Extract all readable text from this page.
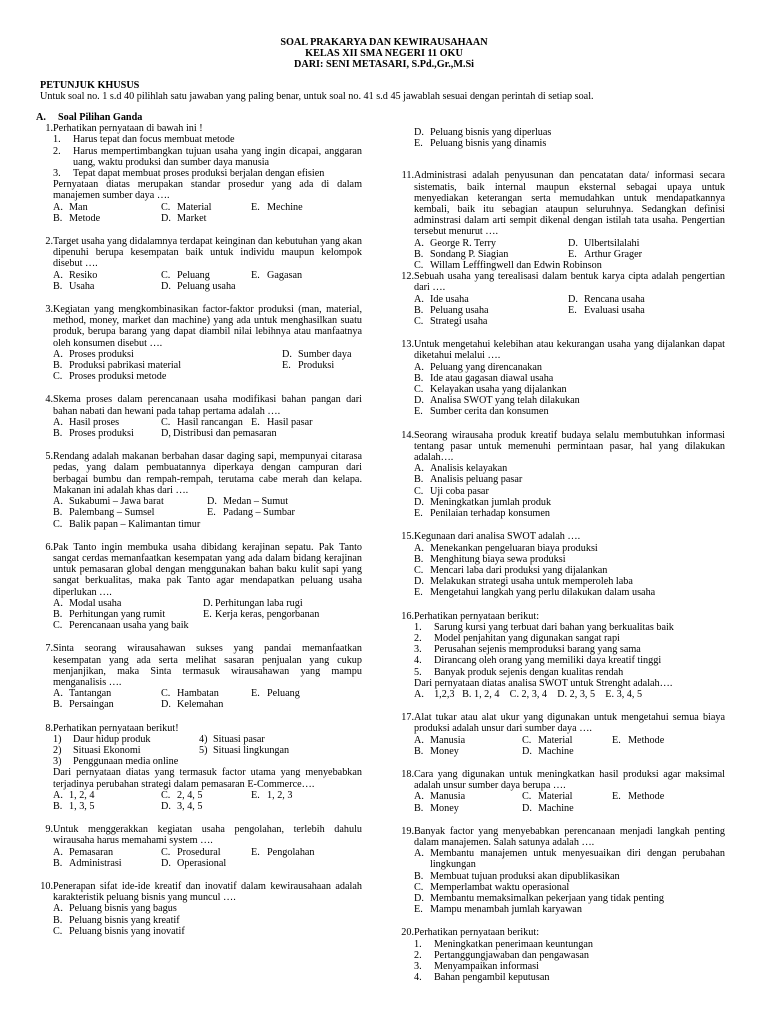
SOAL PRAKARYA DAN KEWIRAUSAHAAN
KELAS XII SMA NEGERI 11 OKU
DARI: SENI METASARI, S.Pd.,Gr.,M.Si
PETUNJUK KHUSUS
Untuk soal no. 1 s.d 40 pilihlah satu jawaban yang paling benar, untuk soal no. 41 s.d 45 jawablah sesuai dengan perintah di setiap soal.
A. Soal Pilihan Ganda
1. Perhatikan pernyataan di bawah ini !
1.	Harus tepat dan focus membuat metode
2.	Harus mempertimbangkan tujuan usaha yang ingin dicapai, anggaran uang, waktu produksi dan sumber daya manusia
3.	Tepat dapat membuat proses produksi berjalan dengan efisien
Pernyataan diatas merupakan standar prosedur yang ada di dalam manajemen sumber daya ….
A. Man	C. Material	E. Mechine
B. Metode	D. Market
2. Target usaha yang didalamnya terdapat keinginan dan kebutuhan yang akan dipenuhi berupa kesempatan baik untuk individu maupun kelompok disebut ….
A. Resiko	C. Peluang	E. Gagasan
B. Usaha	D. Peluang usaha
3. Kegiatan yang mengkombinasikan factor-faktor produksi (man, material, method, money, market dan machine) yang ada untuk menghasilkan suatu produk, berupa barang yang dapat diambil nilai lebihnya atau manfaatnya oleh konsumen disebut ….
A. Proses produksi	D. Sumber daya
B. Produksi pabrikasi material	E. Produksi
C. Proses produksi metode
4. Skema proses dalam perencanaan usaha modifikasi bahan pangan dari bahan nabati dan hewani pada tahap pertama adalah ….
A. Hasil proses	C. Hasil rancangan E. Hasil pasar
B. Proses produksi	D, Distribusi dan pemasaran
5. Rendang adalah makanan berbahan dasar daging sapi, mempunyai citarasa pedas, yang dalam pembuatannya diperkaya dengan campuran dari berbagai bumbu dan rempah-rempah, terutama cabe merah dan kelapa. Makanan ini adalah khas dari ….
A. Sukabumi – Jawa barat	D. Medan – Sumut
B. Palembang – Sumsel	E. Padang – Sumbar
C. Balik papan – Kalimantan timur
6. Pak Tanto ingin membuka usaha dibidang kerajinan sepatu. Pak Tanto sangat cerdas memanfaatkan kesempatan yang ada dalam bidang kerajinan untuk pemasaran global dengan menggunakan bahan baku kulit sapi yang sangat berkualitas, maka pak Tanto agar mendapatkan peluang usaha diperlukan ….
A. Modal usaha	D. Perhitungan laba rugi
B. Perhitungan yang rumit	E. Kerja keras, pengorbanan
C. Perencanaan usaha yang baik
7. Sinta seorang wirausahawan sukses yang pandai memanfaatkan kesempatan yang ada serta melihat sasaran penjualan yang cukup menjanjikan, maka Sinta termasuk wirausahawan yang mampu menganalisis ….
A. Tantangan	C. Hambatan	E. Peluang
B. Persaingan	D. Kelemahan
8. Perhatikan pernyataan berikut!
1)	Daur hidup produk	4) Situasi pasar
2)	Situasi Ekonomi	5) Situasi lingkungan
3)	Penggunaan media online
Dari pernyataan diatas yang termasuk factor utama yang menyebabkan terjadinya perubahan strategi dalam pemasaran E-Commerce….
A. 1, 2, 4	C. 2, 4, 5	E. 1, 2, 3
B. 1, 3, 5	D. 3, 4, 5
9. Untuk menggerakkan kegiatan usaha pengolahan, terlebih dahulu wirausaha harus memahami system ….
A. Pemasaran	C. Prosedural	E. Pengolahan
B. Administrasi	D. Operasional
10. Penerapan sifat ide-ide kreatif dan inovatif dalam kewirausahaan adalah karakteristik peluang bisnis yang muncul ….
A. Peluang bisnis yang bagus
B. Peluang bisnis yang kreatif
C. Peluang bisnis yang inovatif
D. Peluang bisnis yang diperluas
E. Peluang bisnis yang dinamis
11. Administrasi adalah penyusunan dan pencatatan data/ informasi secara sistematis, baik internal maupun eksternal sebagai upaya untuk menyediakan keterangan serta memudahkan untuk mendapatkannya kembali, baik itu sebagian ataupun seluruhnya. Sedangkan definisi adminstrasi dalam arti sempit dikenal dengan istilah tata usaha. Pengertian tersebut menurut ….
A. George R. Terry	D. Ulbertsilalahi
B. Sondang P. Siagian	E. Arthur Grager
C. Willam Lefffingwell dan Edwin Robinson
12. Sebuah usaha yang terealisasi dalam bentuk karya cipta adalah pengertian dari ….
A. Ide usaha	D. Rencana usaha
B. Peluang usaha	E. Evaluasi usaha
C. Strategi usaha
13. Untuk mengetahui kelebihan atau kekurangan usaha yang dijalankan dapat diketahui melalui ….
A. Peluang yang direncanakan
B. Ide atau gagasan diawal usaha
C. Kelayakan usaha yang dijalankan
D. Analisa SWOT yang telah dilakukan
E. Sumber cerita dan konsumen
14. Seorang wirausaha produk kreatif budaya selalu membutuhkan informasi tentang pasar untuk memenuhi permintaan pasar, hal yang dilakukan adalah….
A. Analisis kelayakan
B. Analisis peluang pasar
C. Uji coba pasar
D. Meningkatkan jumlah produk
E. Penilaian terhadap konsumen
15. Kegunaan dari analisa SWOT adalah ….
A. Menekankan pengeluaran biaya produksi
B. Menghitung biaya sewa produksi
C. Mencari laba dari produksi yang dijalankan
D. Melakukan strategi usaha untuk memperoleh laba
E. Mengetahui langkah yang perlu dilakukan dalam usaha
16. Perhatikan pernyataan berikut:
1.	Sarung kursi yang terbuat dari bahan yang berkualitas baik
2.	Model penjahitan yang digunakan sangat rapi
3.	Perusahan sejenis memproduksi barang yang sama
4.	Dirancang oleh orang yang memiliki daya kreatif tinggi
5.	Banyak produk sejenis dengan kualitas rendah
Dari pernyataan diatas analisa SWOT untuk Strenght adalah….
A.    1,2,3   B. 1, 2, 4    C. 2, 3, 4    D. 2, 3, 5    E. 3, 4, 5
17. Alat tukar atau alat ukur yang digunakan untuk mengetahui semua biaya produksi adalah unsur dari sumber daya ….
A. Manusia	C. Material	E. Methode
B. Money	D. Machine
18. Cara yang digunakan untuk meningkatkan hasil produksi agar maksimal adalah unsur sumber daya berupa ….
A. Manusia	C. Material	E. Methode
B. Money	D. Machine
19. Banyak factor yang menyebabkan perencanaan menjadi langkah penting dalam manajemen. Salah satunya adalah ….
A. Membantu manajemen untuk menyesuaikan diri dengan perubahan lingkungan
B. Membuat tujuan produksi akan dipublikasikan
C. Memperlambat waktu operasional
D. Membantu memaksimalkan pekerjaan yang tidak penting
E. Mampu menambah jumlah karyawan
20. Perhatikan pernyataan berikut:
1.	Meningkatkan penerimaan keuntungan
2.	Pertanggungjawaban dan pengawasan
3.	Menyampaikan informasi
4.	Bahan pengambil keputusan
